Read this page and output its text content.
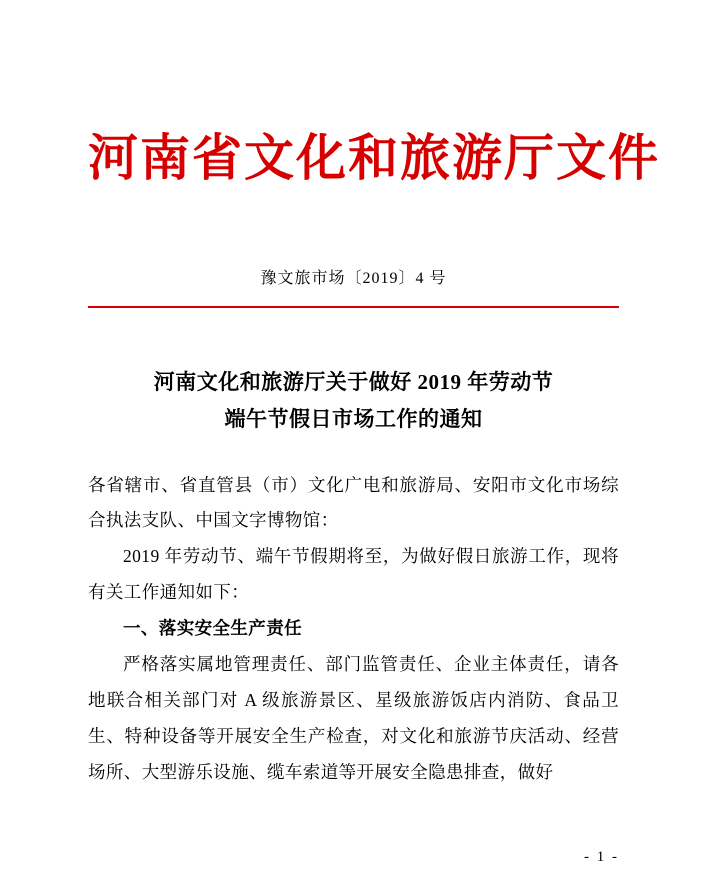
河南省文化和旅游厅文件
豫文旅市场〔2019〕4 号
河南文化和旅游厅关于做好 2019 年劳动节
端午节假日市场工作的通知

各省辖市、省直管县（市）文化广电和旅游局、安阳市文化市场综合执法支队、中国文字博物馆：

2019 年劳动节、端午节假期将至，为做好假日旅游工作，现将有关工作通知如下：

一、落实安全生产责任

严格落实属地管理责任、部门监管责任、企业主体责任，请各地联合相关部门对 A 级旅游景区、星级旅游饭店内消防、食品卫生、特种设备等开展安全生产检查，对文化和旅游节庆活动、经营场所、大型游乐设施、缆车索道等开展安全隐患排查，做好

- 1 -
